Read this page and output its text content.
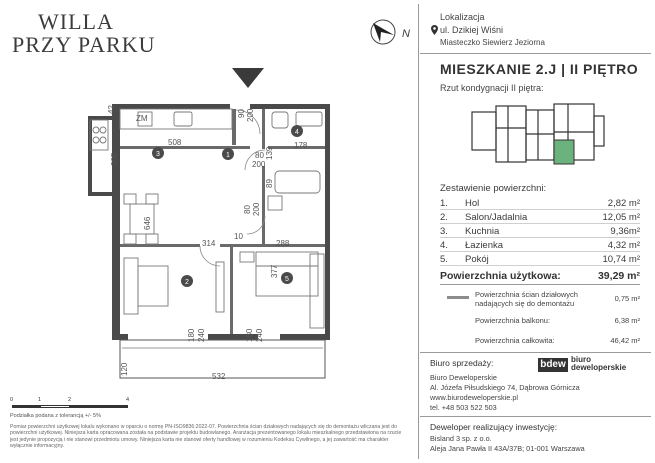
WILLA
PRZY PARKU	N
Lokalizacja
ul. Dzikiej Wiśni
Miasteczko Siewierz Jeziorna
MIESZKANIE 2.J | II PIĘTRO
Rzut kondygnacji II piętra:
Zestawienie powierzchni:
1. Hol	2,82 m²
2. Salon/Jadalnia	12,05 m²
3. Kuchnia	9,36m²
4. Łazienka	4,32 m²
5. Pokój	10,74 m²
Powierzchnia użytkowa:	39,29 m²
Powierzchnia ścian działowych nadających się do demontażu
0,75 m²
Powierzchnia balkonu:	6,38 m²
Powierzchnia całkowita:	46,42 m²
Biuro sprzedaży:	bdew biuro
deweloperskie
Biuro Deweloperskie
Al. Józefa Piłsudskiego 74, Dąbrowa Górnicza
www.biurodeweloperskie.pl
tel. +48 503 522 503
Deweloper realizujący inwestycję:
Bisland 3 sp. z o.o.
Aleja Jana Pawła II 43A/37B; 01-001 Warszawa
0	1	2	4
Podziałka podana z tolerancją +/- 5%
Pomiar powierzchni użytkowej lokalu wykonano w oparciu o normę PN-ISO9836:2022-07. Powierzchnia ścian działowych nadających się do demontażu wliczana jest do powierzchni użytkowej. Niniejsza karta opracowana została na podstawie projektu budowlanego. Aranżacja prezentowanego lokalu mieszkalnego przedstawiona na rzucie jest jedynie propozycją i nie stanowi przedmiotu umowy. Niniejsza karta nie stanowi oferty handlowej w rozumieniu Kodeksu Cywilnego, a jej zawartość ma charakter wyłącznie informacyjny.
3	1
2
4
5
508	178
314	288
532
ZM
10
80
200
205
646
377
42
139
89
90 200
80 200
180 240	180 240
120
